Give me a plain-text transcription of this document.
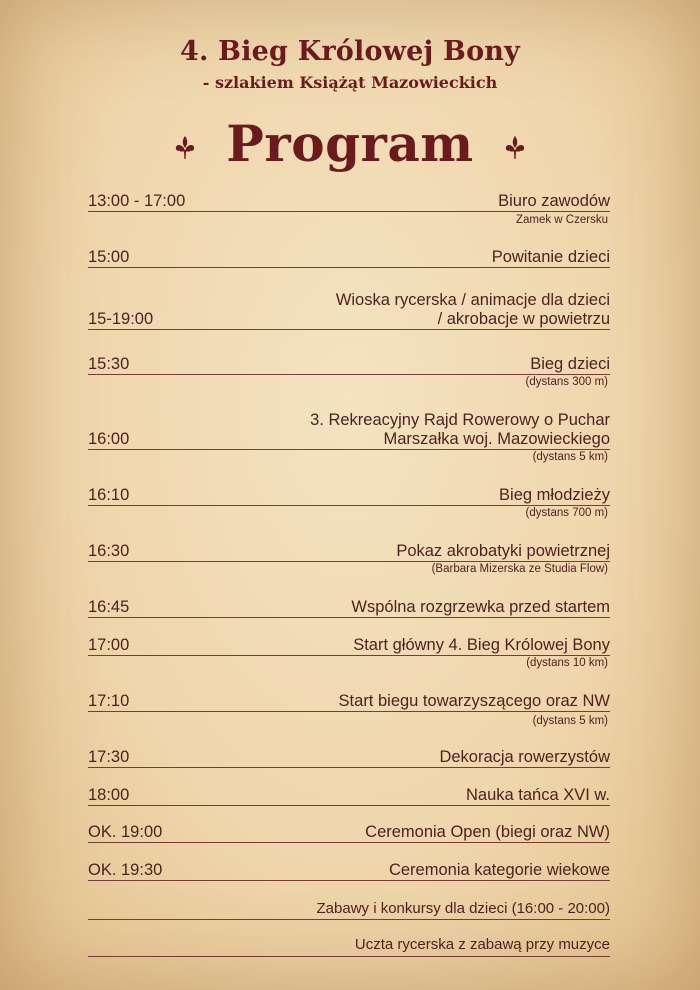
4. Bieg Królowej Bony
- szlakiem Książąt Mazowieckich
Program
13:00 - 17:00	Biuro zawodów
Zamek w Czersku
15:00	Powitanie dzieci
Wioska rycerska / animacje dla dzieci
15-19:00	/ akrobacje w powietrzu
15:30	Bieg dzieci
(dystans 300 m)
3. Rekreacyjny Rajd Rowerowy o Puchar
16:00	Marszałka woj. Mazowieckiego
(dystans 5 km)
16:10	Bieg młodzieży
(dystans 700 m)
16:30	Pokaz akrobatyki powietrznej
(Barbara Mizerska ze Studia Flow)
16:45	Wspólna rozgrzewka przed startem
17:00	Start główny 4. Bieg Królowej Bony
(dystans 10 km)
17:10	Start biegu towarzyszącego oraz NW
(dystans 5 km)
17:30	Dekoracja rowerzystów
18:00	Nauka tańca XVI w.
OK. 19:00	Ceremonia Open (biegi oraz NW)
OK. 19:30	Ceremonia kategorie wiekowe
Zabawy i konkursy dla dzieci (16:00 - 20:00)
Uczta rycerska z zabawą przy muzyce
